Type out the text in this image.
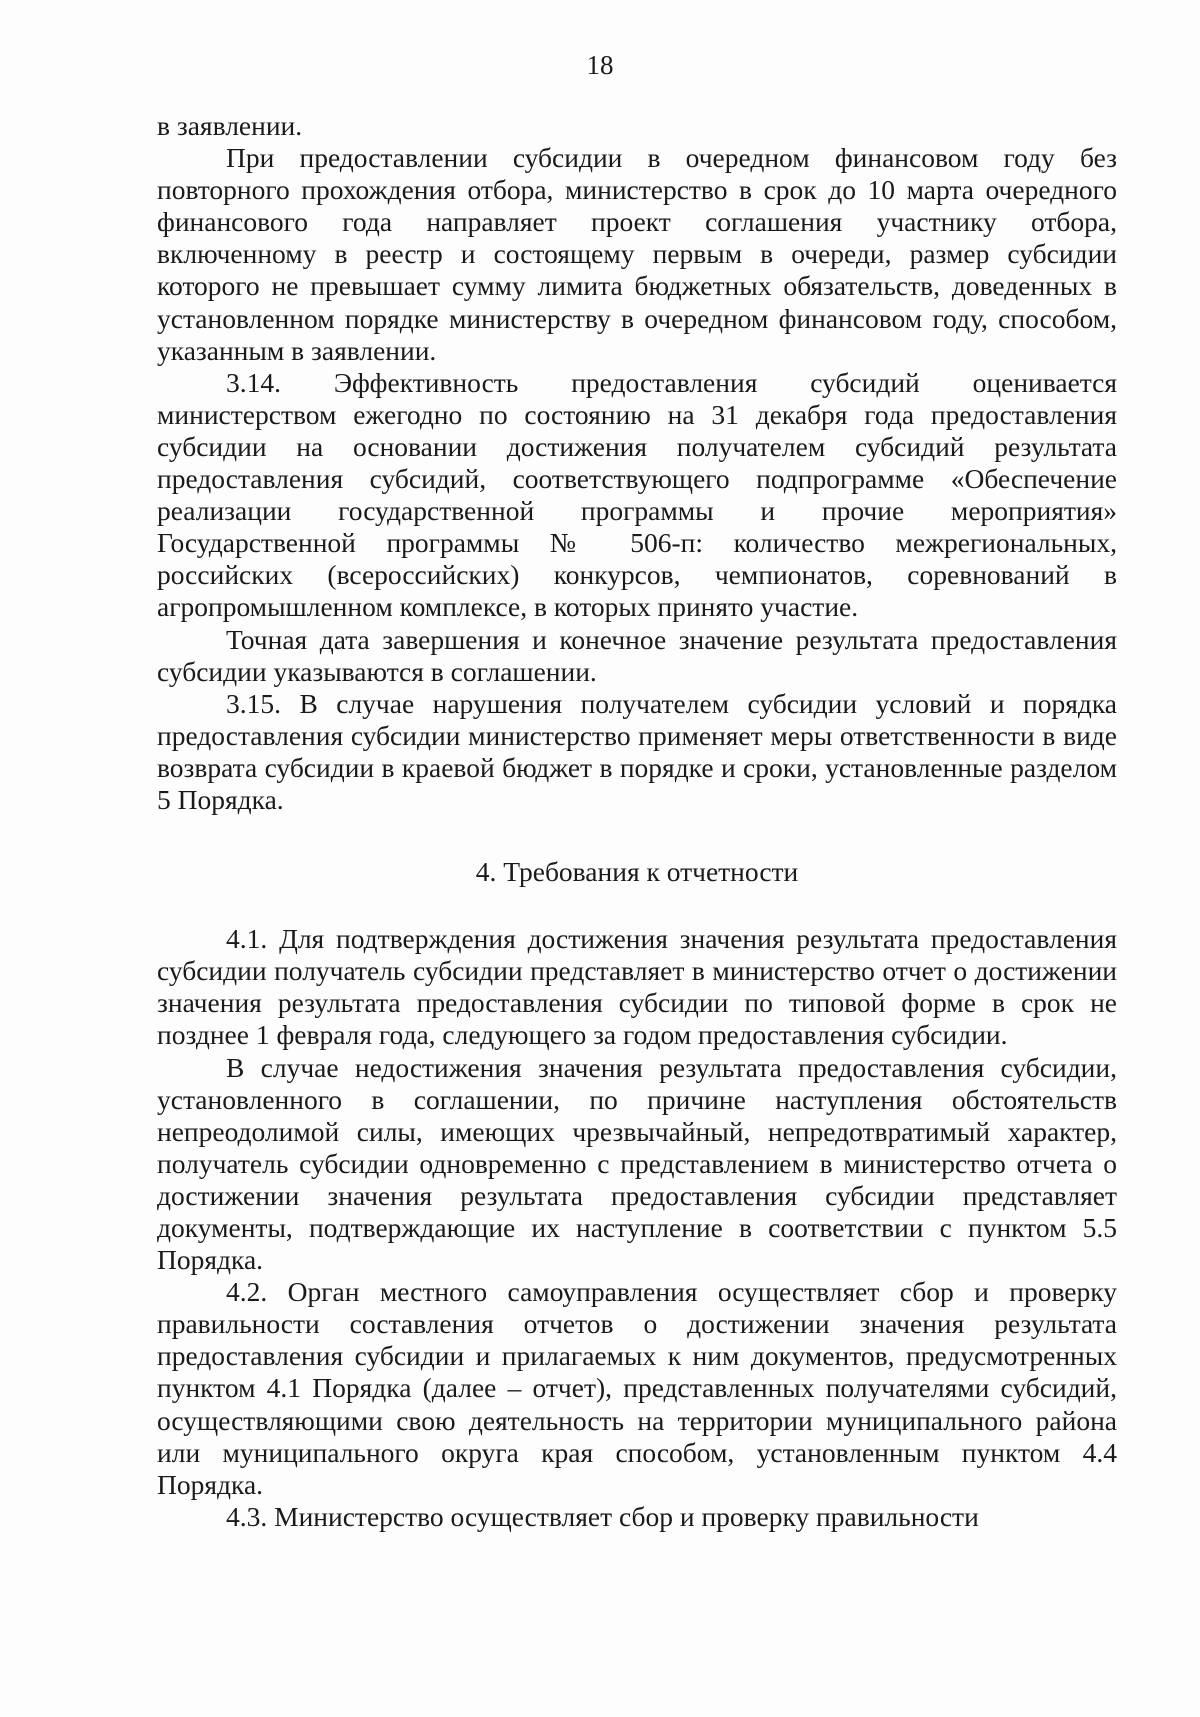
18

в заявлении.

При предоставлении субсидии в очередном финансовом году без повторного прохождения отбора, министерство в срок до 10 марта очередного финансового года направляет проект соглашения участнику отбора, включенному в реестр и состоящему первым в очереди, размер субсидии которого не превышает сумму лимита бюджетных обязательств, доведенных в установленном порядке министерству в очередном финансовом году, способом, указанным в заявлении.

3.14. Эффективность предоставления субсидий оценивается министерством ежегодно по состоянию на 31 декабря года предоставления субсидии на основании достижения получателем субсидий результата предоставления субсидий, соответствующего подпрограмме «Обеспечение реализации государственной программы и прочие мероприятия» Государственной программы № 506-п: количество межрегиональных, российских (всероссийских) конкурсов, чемпионатов, соревнований в агропромышленном комплексе, в которых принято участие.

Точная дата завершения и конечное значение результата предоставления субсидии указываются в соглашении.

3.15. В случае нарушения получателем субсидии условий и порядка предоставления субсидии министерство применяет меры ответственности в виде возврата субсидии в краевой бюджет в порядке и сроки, установленные разделом 5 Порядка.

4. Требования к отчетности

4.1. Для подтверждения достижения значения результата предоставления субсидии получатель субсидии представляет в министерство отчет о достижении значения результата предоставления субсидии по типовой форме в срок не позднее 1 февраля года, следующего за годом предоставления субсидии.

В случае недостижения значения результата предоставления субсидии, установленного в соглашении, по причине наступления обстоятельств непреодолимой силы, имеющих чрезвычайный, непредотвратимый характер, получатель субсидии одновременно с представлением в министерство отчета о достижении значения результата предоставления субсидии представляет документы, подтверждающие их наступление в соответствии с пунктом 5.5 Порядка.

4.2. Орган местного самоуправления осуществляет сбор и проверку правильности составления отчетов о достижении значения результата предоставления субсидии и прилагаемых к ним документов, предусмотренных пунктом 4.1 Порядка (далее – отчет), представленных получателями субсидий, осуществляющими свою деятельность на территории муниципального района или муниципального округа края способом, установленным пунктом 4.4 Порядка.

4.3. Министерство осуществляет сбор и проверку правильности
